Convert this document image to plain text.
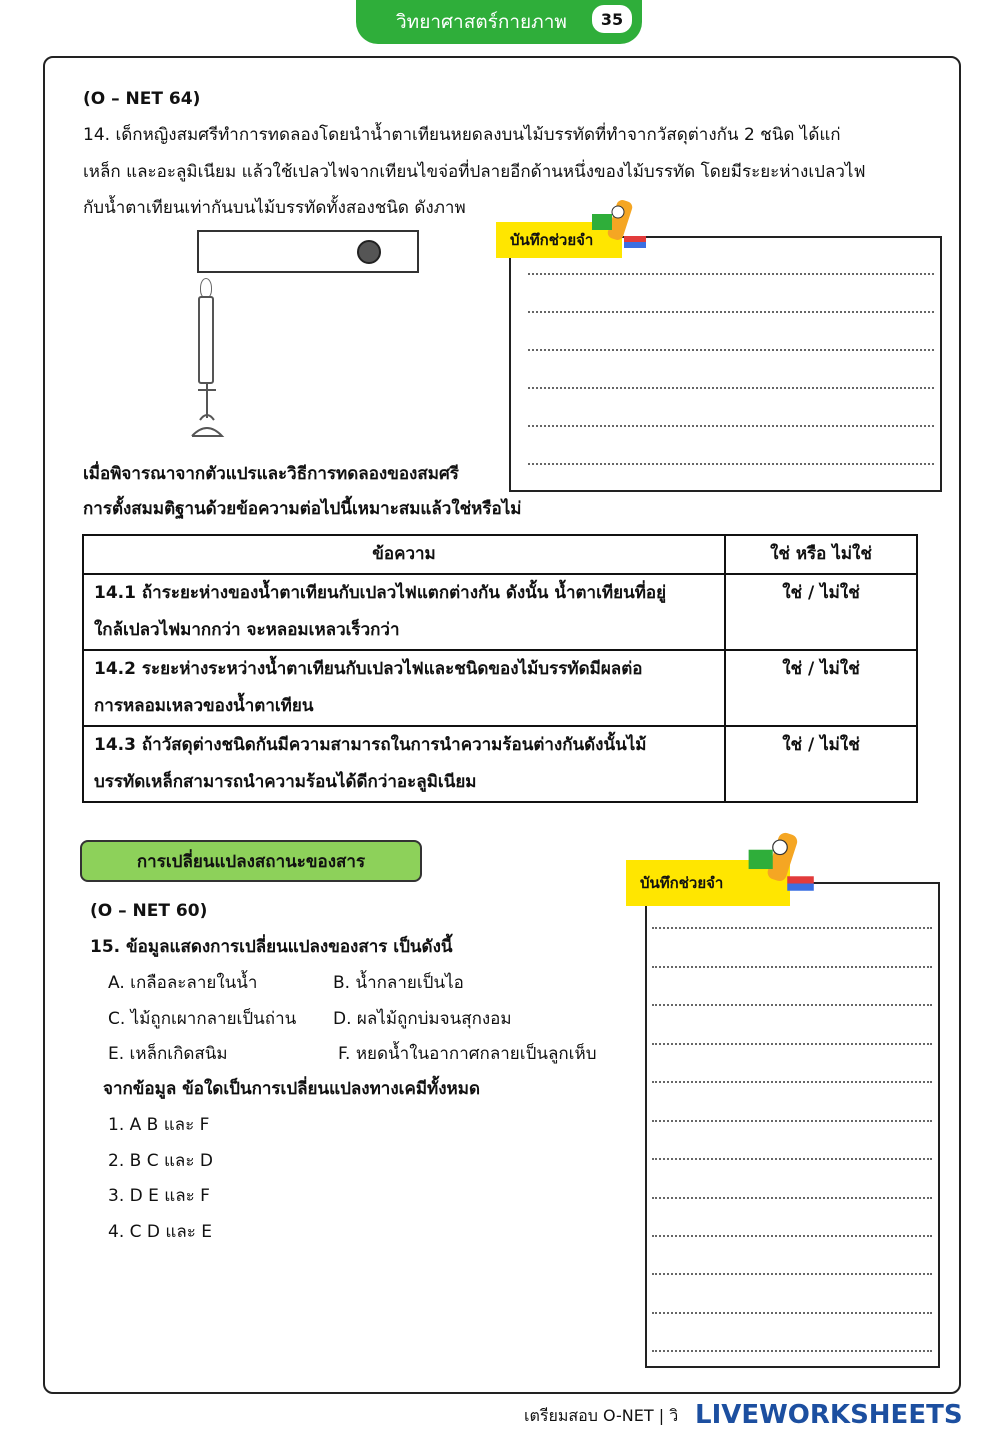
วิทยาศาสตร์กายภาพ	35
(O – NET 64)
14. เด็กหญิงสมศรีทำการทดลองโดยนำน้ำตาเทียนหยดลงบนไม้บรรทัดที่ทำจากวัสดุต่างกัน 2 ชนิด ได้แก่
เหล็ก และอะลูมิเนียม แล้วใช้เปลวไฟจากเทียนไขจ่อที่ปลายอีกด้านหนึ่งของไม้บรรทัด โดยมีระยะห่างเปลวไฟ
กับน้ำตาเทียนเท่ากันบนไม้บรรทัดทั้งสองชนิด ดังภาพ
บันทึกช่วยจำ
เมื่อพิจารณาจากตัวแปรและวิธีการทดลองของสมศรี
การตั้งสมมติฐานด้วยข้อความต่อไปนี้เหมาะสมแล้วใช่หรือไม่
ข้อความ	ใช่ หรือ ไม่ใช่
14.1 ถ้าระยะห่างของน้ำตาเทียนกับเปลวไฟแตกต่างกัน ดังนั้น น้ำตาเทียนที่อยู่
ใกล้เปลวไฟมากกว่า จะหลอมเหลวเร็วกว่า	ใช่ / ไม่ใช่
14.2 ระยะห่างระหว่างน้ำตาเทียนกับเปลวไฟและชนิดของไม้บรรทัดมีผลต่อ
การหลอมเหลวของน้ำตาเทียน	ใช่ / ไม่ใช่
14.3 ถ้าวัสดุต่างชนิดกันมีความสามารถในการนำความร้อนต่างกันดังนั้นไม้
บรรทัดเหล็กสามารถนำความร้อนได้ดีกว่าอะลูมิเนียม	ใช่ / ไม่ใช่
การเปลี่ยนแปลงสถานะของสาร
(O – NET 60)
15. ข้อมูลแสดงการเปลี่ยนแปลงของสาร เป็นดังนี้
A. เกลือละลายในน้ำ	B. น้ำกลายเป็นไอ
C. ไม้ถูกเผากลายเป็นถ่าน D. ผลไม้ถูกบ่มจนสุกงอม
E. เหล็กเกิดสนิม	F. หยดน้ำในอากาศกลายเป็นลูกเห็บ
จากข้อมูล ข้อใดเป็นการเปลี่ยนแปลงทางเคมีทั้งหมด
1. A B และ F
2. B C และ D
3. D E และ F
4. C D และ E
บันทึกช่วยจำ
เตรียมสอบ O-NET | วิ LIVEWORKSHEETS
